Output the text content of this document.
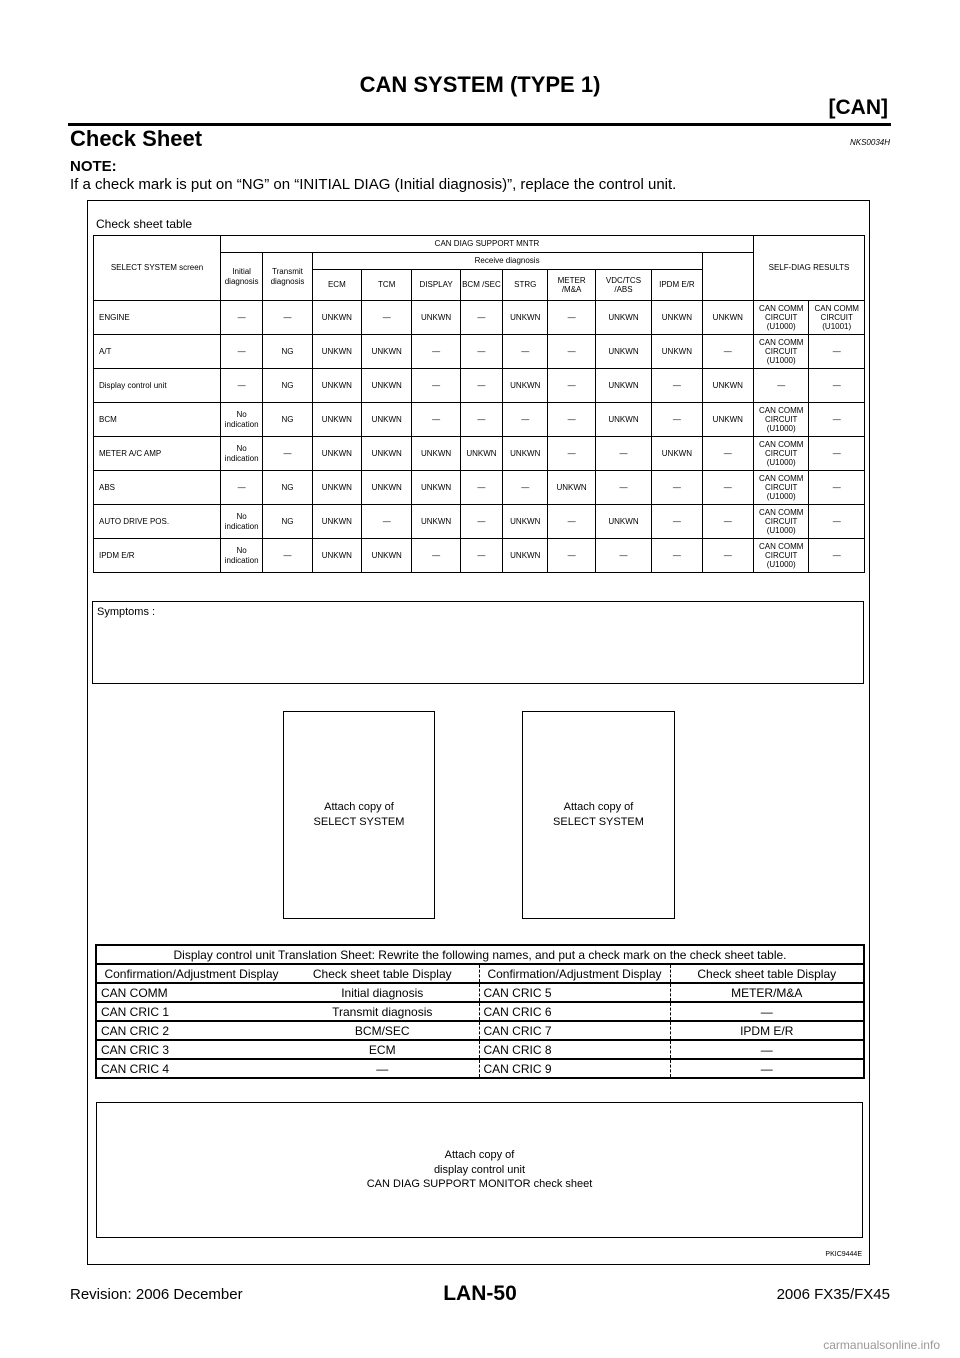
CAN SYSTEM (TYPE 1)
[CAN]
Check Sheet	NKS0034H
NOTE:
If a check mark is put on “NG” on “INITIAL DIAG (Initial diagnosis)”, replace the control unit.
Check sheet table
SELECT SYSTEM screen	CAN DIAG SUPPORT MNTR											SELF-DIAG RESULTS	
	Initial diagnosis	Transmit diagnosis	Receive diagnosis										
			ECM	TCM	DISPLAY	BCM /SEC	STRG	METER /M&A	VDC/TCS /ABS	IPDM E/R			
ENGINE	—	—	UNKWN	—	UNKWN	—	UNKWN	—	UNKWN	UNKWN	UNKWN	CAN COMM CIRCUIT (U1000)	CAN COMM CIRCUIT (U1001)
A/T	—	NG	UNKWN	UNKWN	—	—	—	—	UNKWN	UNKWN	—	CAN COMM CIRCUIT (U1000)	—
Display control unit	—	NG	UNKWN	UNKWN	—	—	UNKWN	—	UNKWN	—	UNKWN	—	—
BCM	No indication	NG	UNKWN	UNKWN	—	—	—	—	UNKWN	—	UNKWN	CAN COMM CIRCUIT (U1000)	—
METER A/C AMP	No indication	—	UNKWN	UNKWN	UNKWN	UNKWN	UNKWN	—	—	UNKWN	—	CAN COMM CIRCUIT (U1000)	—
ABS	—	NG	UNKWN	UNKWN	UNKWN	—	—	UNKWN	—	—	—	CAN COMM CIRCUIT (U1000)	—
AUTO DRIVE POS.	No indication	NG	UNKWN	—	UNKWN	—	UNKWN	—	UNKWN	—	—	CAN COMM CIRCUIT (U1000)	—
IPDM E/R	No indication	—	UNKWN	UNKWN	—	—	UNKWN	—	—	—	—	CAN COMM CIRCUIT (U1000)	—
Symptoms :
Attach copy of
SELECT SYSTEM
Attach copy of
SELECT SYSTEM
Display control unit Translation Sheet: Rewrite the following names, and put a check mark on the check sheet table.			
Confirmation/Adjustment Display	Check sheet table Display	Confirmation/Adjustment Display	Check sheet table Display
CAN COMM	Initial diagnosis	CAN CRIC 5	METER/M&A
CAN CRIC 1	Transmit diagnosis	CAN CRIC 6	—
CAN CRIC 2	BCM/SEC	CAN CRIC 7	IPDM E/R
CAN CRIC 3	ECM	CAN CRIC 8	—
CAN CRIC 4	—	CAN CRIC 9	—
Attach copy of
display control unit
CAN DIAG SUPPORT MONITOR check sheet
PKIC9444E
Revision: 2006 December	LAN-50	2006 FX35/FX45
carmanualsonline.info
